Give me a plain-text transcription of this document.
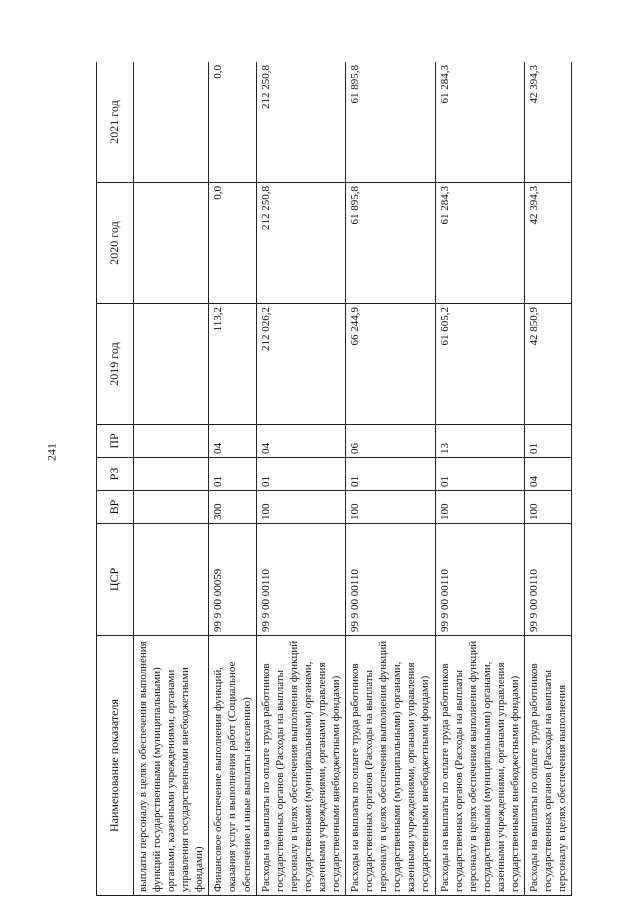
241
Наименование показателя	ЦСР	ВР	РЗ	ПР	2019 год	2020 год	2021 год
выплаты персоналу в целях обеспечения выполнения функций государственными (муниципальными) органами, казенными учреждениями, органами управления государственными внебюджетными фондами)							
Финансовое обеспечение выполнения функций, оказания услуг и выполнения работ (Социальное обеспечение и иные выплаты населению)	99 9 00 00059	300	01	04	113,2	0,0	0,0
Расходы на выплаты по оплате труда работников государственных органов (Расходы на выплаты персоналу в целях обеспечения выполнения функций государственными (муниципальными) органами, казенными учреждениями, органами управления государственными внебюджетными фондами)	99 9 00 00110	100	01	04	212 026,2	212 250,8	212 250,8
Расходы на выплаты по оплате труда работников государственных органов (Расходы на выплаты персоналу в целях обеспечения выполнения функций государственными (муниципальными) органами, казенными учреждениями, органами управления государственными внебюджетными фондами)	99 9 00 00110	100	01	06	66 244,9	61 895,8	61 895,8
Расходы на выплаты по оплате труда работников государственных органов (Расходы на выплаты персоналу в целях обеспечения выполнения функций государственными (муниципальными) органами, казенными учреждениями, органами управления государственными внебюджетными фондами)	99 9 00 00110	100	01	13	61 605,2	61 284,3	61 284,3
Расходы на выплаты по оплате труда работников государственных органов (Расходы на выплаты персоналу в целях обеспечения выполнения	99 9 00 00110	100	04	01	42 850,9	42 394,3	42 394,3
